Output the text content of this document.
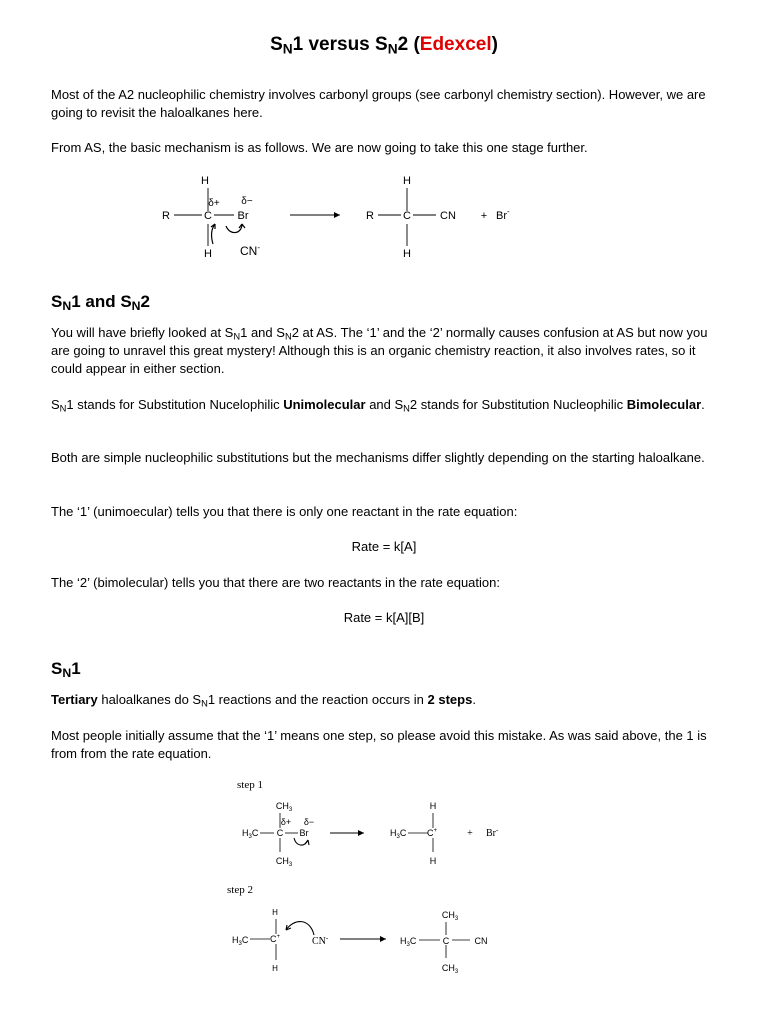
$S_N1$ versus $S_N2$ (Edexcel)
Most of the A2 nucleophilic chemistry involves carbonyl groups (see carbonyl chemistry section). However, we are going to revisit the haloalkanes here.
From AS, the basic mechanism is as follows. We are now going to take this one stage further.
H
R	C Br
δ+ δ−
H CN-
H
R	C	CN
H
+ Br-
$S_N1$ and $S_N2$
You will have briefly looked at $S_N1$ and $S_N2$ at AS. The ‘1’ and the ‘2’ normally causes confusion at AS but now you are going to unravel this great mystery! Although this is an organic chemistry reaction, it also involves rates, so it could appear in either section.
$S_N1$ stands for Substitution Nucelophilic Unimolecular and $S_N2$ stands for Substitution Nucleophilic Bimolecular.
Both are simple nucleophilic substitutions but the mechanisms differ slightly depending on the starting haloalkane.
The ‘1’ (unimoecular) tells you that there is only one reactant in the rate equation:
Rate = k[A]
The ‘2’ (bimolecular) tells you that there are two reactants in the rate equation:
Rate = k[A][B]
$S_N1$
Tertiary haloalkanes do $S_N1$ reactions and the reaction occurs in 2 steps.
Most people initially assume that the ‘1’ means one step, so please avoid this mistake. As was said above, the 1 is from from the rate equation.
step 1
$CH_3$
$H_3C$ C Br
δ+ δ−
$CH_3$
H
$H_3C$ C+
H
+ Br-
step 2
H
$H_3C$ C+
H
CN-
$CH_3$
$H_3C$	C	CN
$CH_3$
